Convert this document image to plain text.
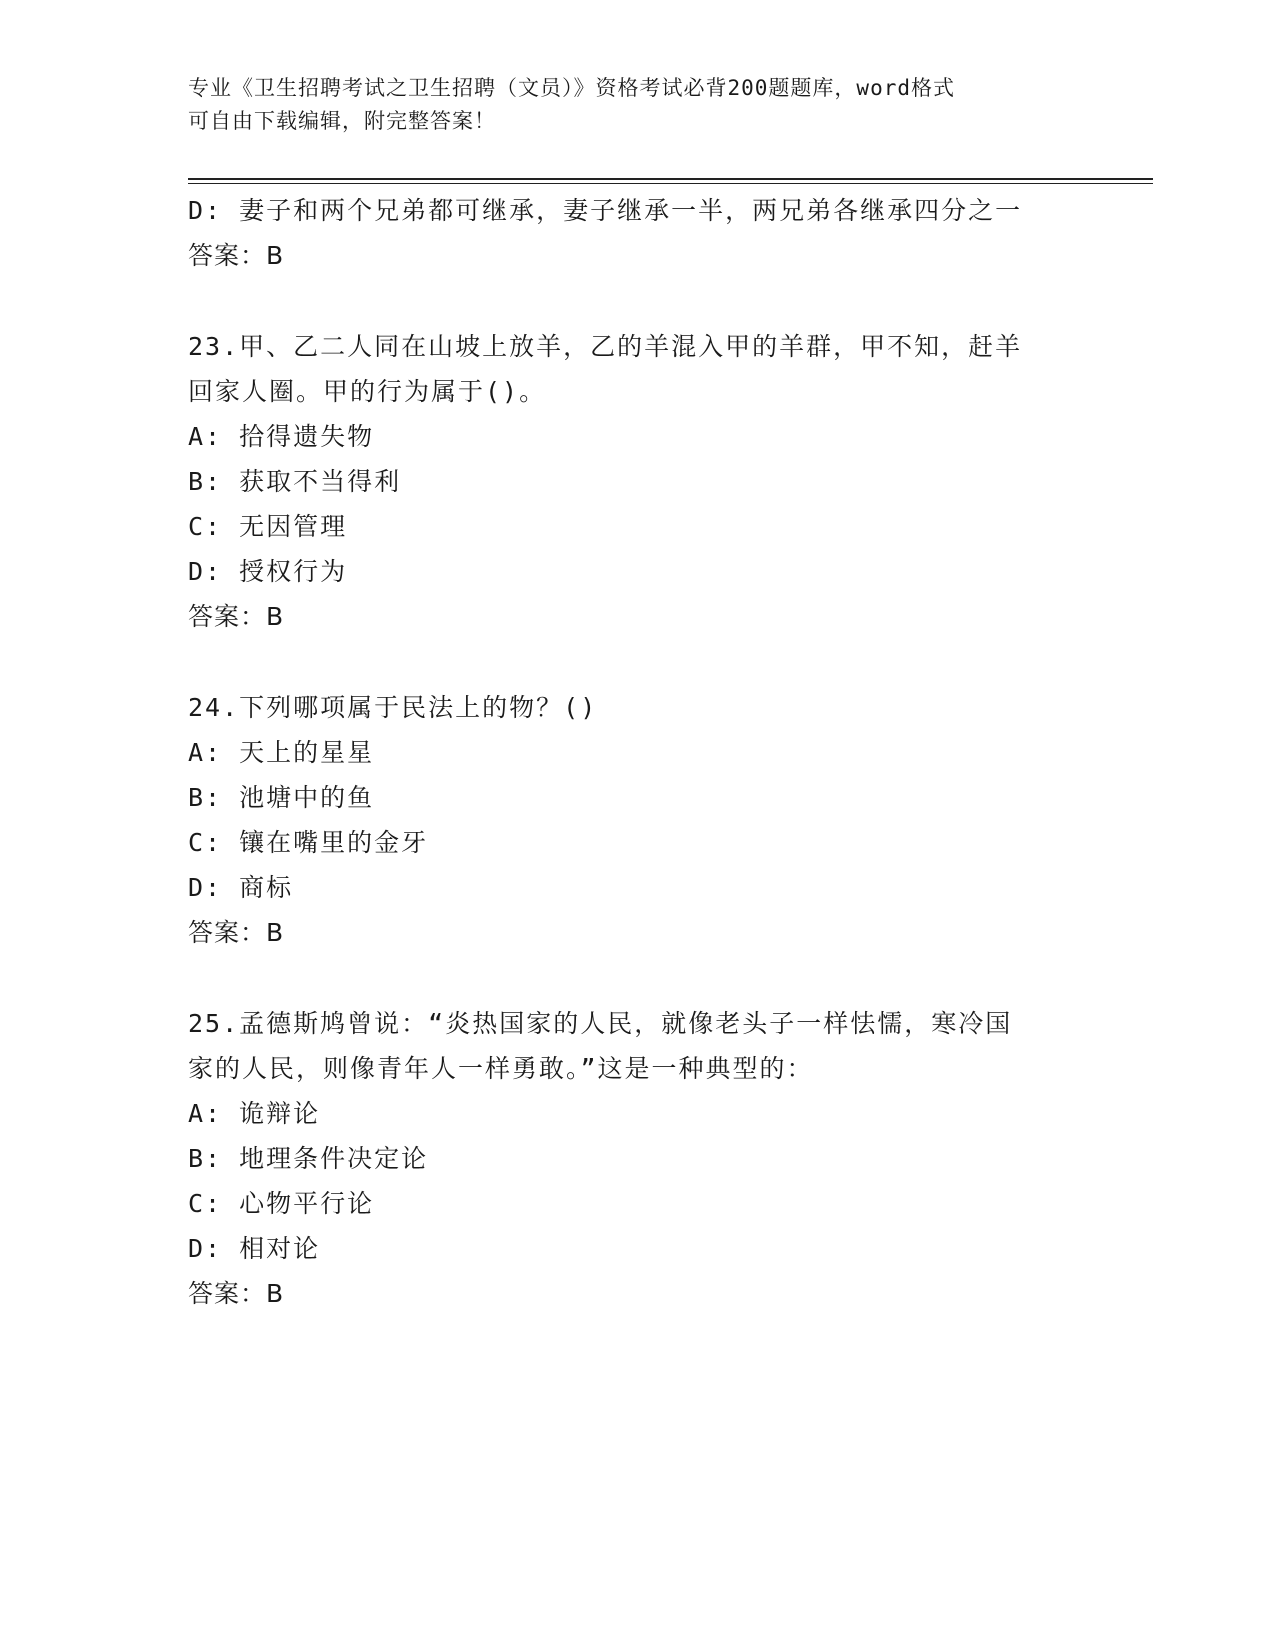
专业《卫生招聘考试之卫生招聘（文员）》资格考试必背200题题库，word格式
可自由下载编辑，附完整答案！
D: 妻子和两个兄弟都可继承，妻子继承一半，两兄弟各继承四分之一
答案：B
23.甲、乙二人同在山坡上放羊，乙的羊混入甲的羊群，甲不知，赶羊
回家人圈。甲的行为属于()。
A: 拾得遗失物
B: 获取不当得利
C: 无因管理
D: 授权行为
答案：B
24.下列哪项属于民法上的物？()
A: 天上的星星
B: 池塘中的鱼
C: 镶在嘴里的金牙
D: 商标
答案：B
25.孟德斯鸠曾说：“炎热国家的人民，就像老头子一样怯懦，寒冷国
家的人民，则像青年人一样勇敢。”这是一种典型的：
A: 诡辩论
B: 地理条件决定论
C: 心物平行论
D: 相对论
答案：B
